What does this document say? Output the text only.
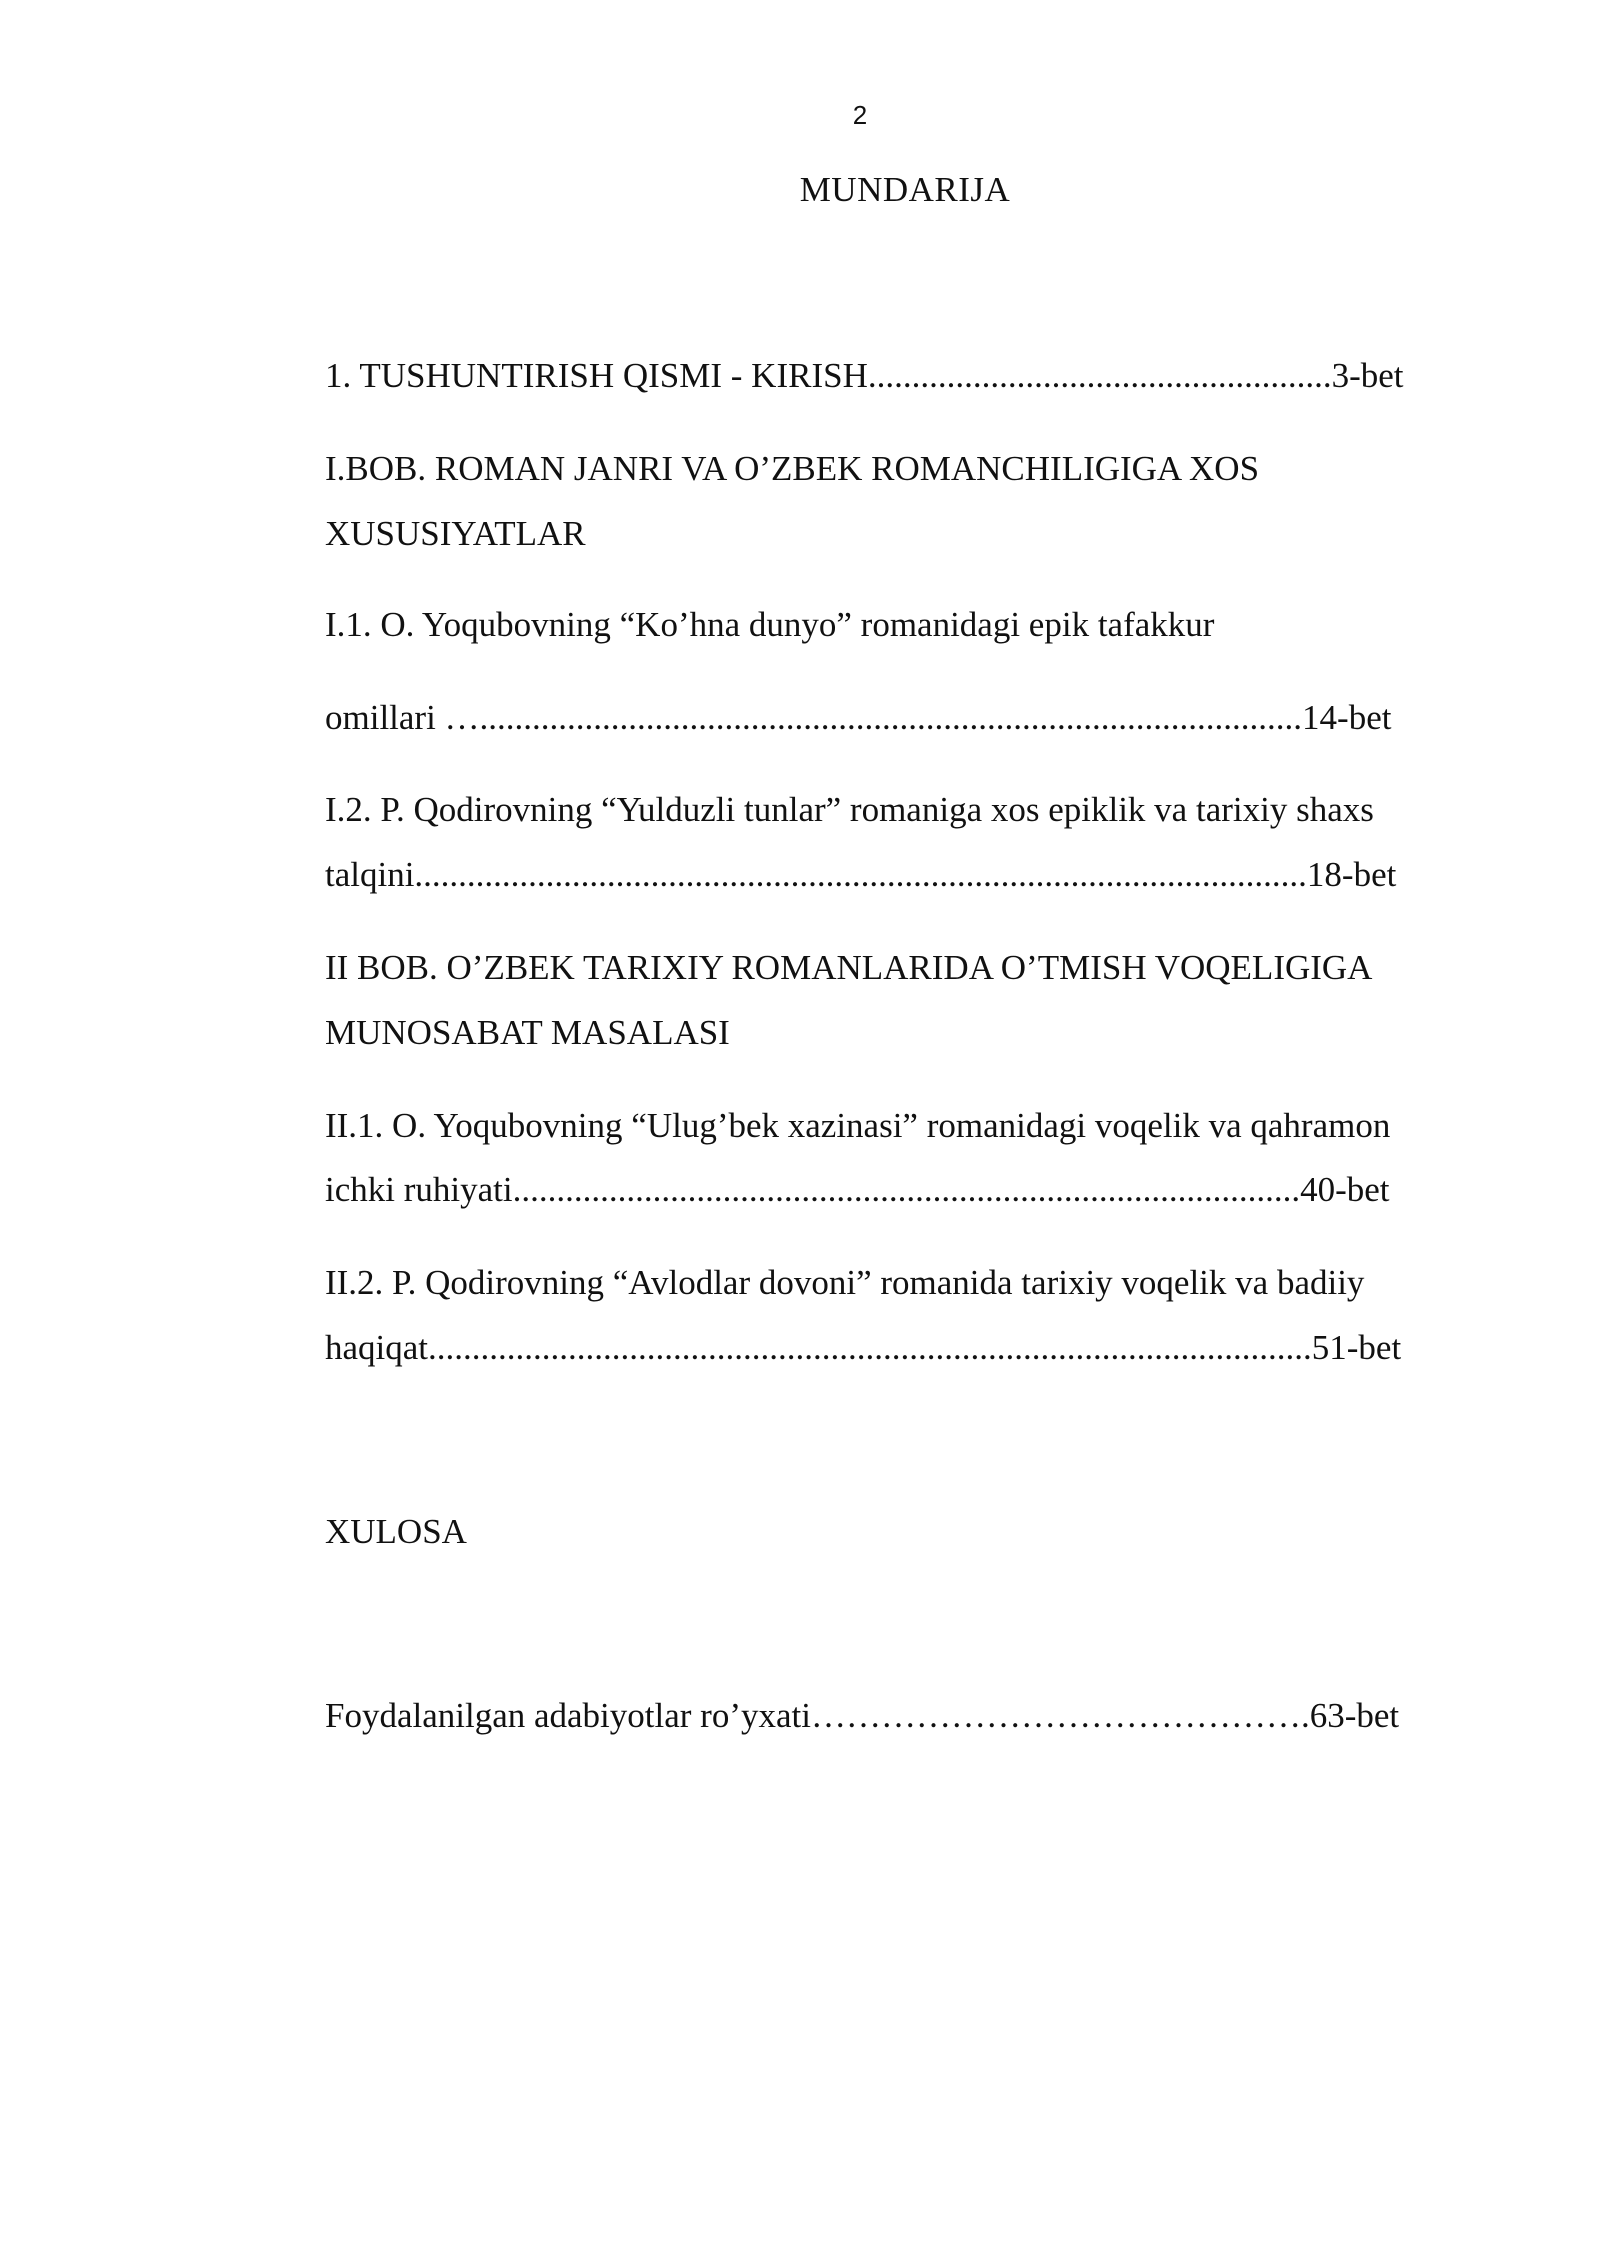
2
MUNDARIJA
1. TUSHUNTIRISH QISMI - KIRISH.....................................................3-bet
I.BOB. ROMAN JANRI VA O’ZBEK ROMANCHILIGIGA XOS
XUSUSIYATLAR
I.1. O. Yoqubovning “Ko’hna dunyo” romanidagi epik tafakkur
omillari …..............................................................................................14-bet
I.2. P. Qodirovning “Yulduzli tunlar” romaniga xos epiklik va tarixiy shaxs
talqini......................................................................................................18-bet
II BOB. O’ZBEK TARIXIY ROMANLARIDA O’TMISH VOQELIGIGA
MUNOSABAT MASALASI
II.1. O. Yoqubovning “Ulug’bek xazinasi” romanidagi voqelik va qahramon
ichki ruhiyati..........................................................................................40-bet
II.2. P. Qodirovning “Avlodlar dovoni” romanida tarixiy voqelik va badiiy
haqiqat.....................................................................................................51-bet
XULOSA
Foydalanilgan adabiyotlar ro’yxati…………………………………….63-bet
